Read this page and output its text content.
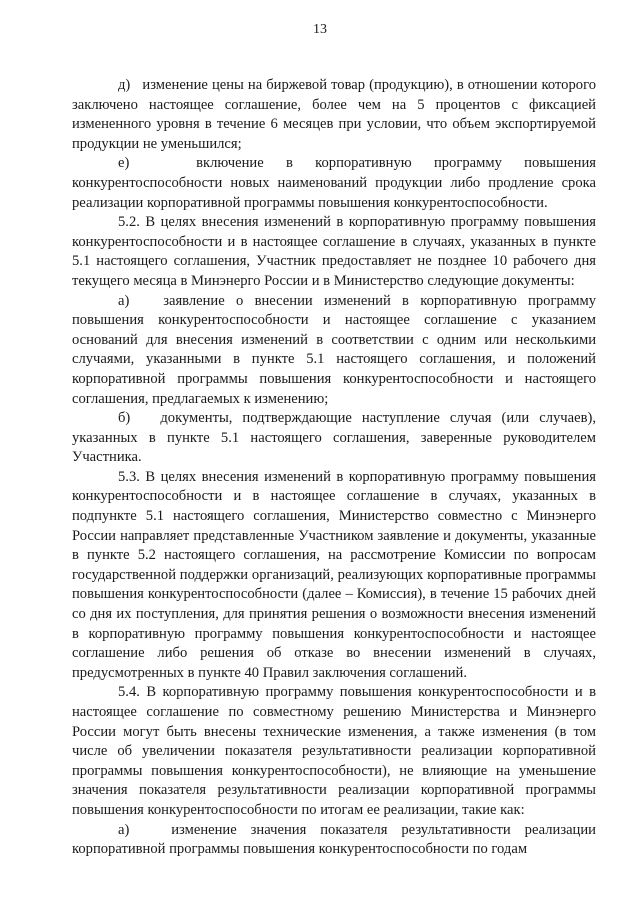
13

д)   изменение цены на биржевой товар (продукцию), в отношении которого заключено настоящее соглашение, более чем на 5 процентов с фиксацией измененного уровня в течение 6 месяцев при условии, что объем экспортируемой продукции не уменьшился;

е)   включение в корпоративную программу повышения конкурентоспособности новых наименований продукции либо продление срока реализации корпоративной программы повышения конкурентоспособности.

5.2. В целях внесения изменений в корпоративную программу повышения конкурентоспособности и в настоящее соглашение в случаях, указанных в пункте 5.1 настоящего соглашения, Участник предоставляет не позднее 10 рабочего дня текущего месяца в Минэнерго России и в Министерство следующие документы:

а)   заявление о внесении изменений в корпоративную программу повышения конкурентоспособности и настоящее соглашение с указанием оснований для внесения изменений в соответствии с одним или несколькими случаями, указанными в пункте 5.1 настоящего соглашения, и положений корпоративной программы повышения конкурентоспособности и настоящего соглашения, предлагаемых к изменению;

б)   документы, подтверждающие наступление случая (или случаев), указанных в пункте 5.1 настоящего соглашения, заверенные руководителем Участника.

5.3. В целях внесения изменений в корпоративную программу повышения конкурентоспособности и в настоящее соглашение в случаях, указанных в подпункте 5.1 настоящего соглашения, Министерство совместно с Минэнерго России направляет представленные Участником заявление и документы, указанные в пункте 5.2 настоящего соглашения, на рассмотрение Комиссии по вопросам государственной поддержки организаций, реализующих корпоративные программы повышения конкурентоспособности (далее – Комиссия), в течение 15 рабочих дней со дня их поступления, для принятия решения о возможности внесения изменений в корпоративную программу повышения конкурентоспособности и настоящее соглашение либо решения об отказе во внесении изменений в случаях, предусмотренных в пункте 40 Правил заключения соглашений.

5.4. В корпоративную программу повышения конкурентоспособности и в настоящее соглашение по совместному решению Министерства и Минэнерго России могут быть внесены технические изменения, а также изменения (в том числе об увеличении показателя результативности реализации корпоративной программы повышения конкурентоспособности), не влияющие на уменьшение значения показателя результативности реализации корпоративной программы повышения конкурентоспособности по итогам ее реализации, такие как:

а)   изменение значения показателя результативности реализации корпоративной программы повышения конкурентоспособности по годам
